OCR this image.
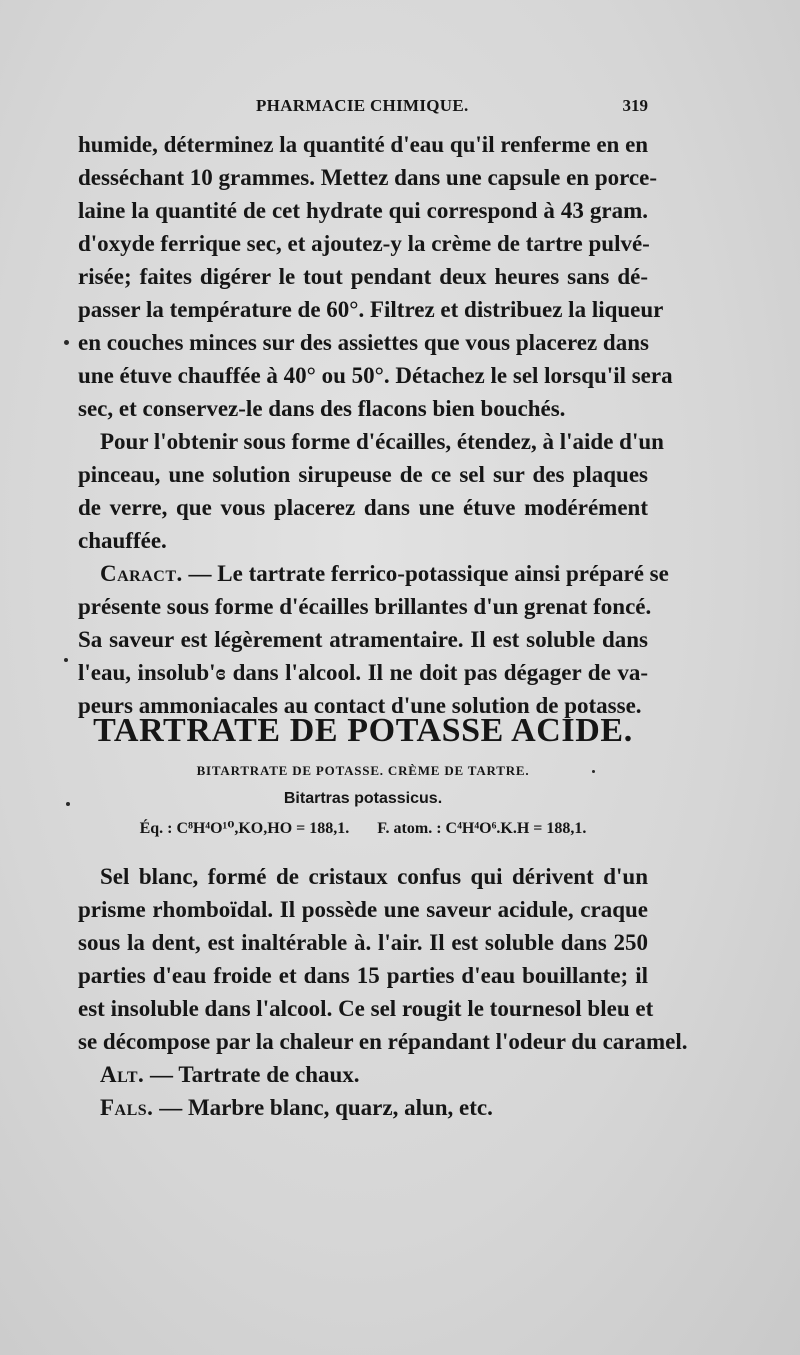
PHARMACIE CHIMIQUE.	319

humide, déterminez la quantité d'eau qu'il renferme en en
desséchant 10 grammes. Mettez dans une capsule en porce-
laine la quantité de cet hydrate qui correspond à 43 gram.
d'oxyde ferrique sec, et ajoutez-y la crème de tartre pulvé-
risée; faites digérer le tout pendant deux heures sans dé-
passer la température de 60°. Filtrez et distribuez la liqueur
en couches minces sur des assiettes que vous placerez dans
une étuve chauffée à 40° ou 50°. Détachez le sel lorsqu'il sera
sec, et conservez-le dans des flacons bien bouchés.

Pour l'obtenir sous forme d'écailles, étendez, à l'aide d'un
pinceau, une solution sirupeuse de ce sel sur des plaques
de verre, que vous placerez dans une étuve modérément
chauffée.

Caract. — Le tartrate ferrico-potassique ainsi préparé se
présente sous forme d'écailles brillantes d'un grenat foncé.
Sa saveur est légèrement atramentaire. Il est soluble dans
l'eau, insolub'ɞ dans l'alcool. Il ne doit pas dégager de va-
peurs ammoniacales au contact d'une solution de potasse.

TARTRATE DE POTASSE ACIDE.
BITARTRATE DE POTASSE. CRÈME DE TARTRE.
Bitartras potassicus.
Éq. : C⁸H⁴O¹⁰,KO,HO = 188,1. F. atom. : C⁴H⁴O⁶.K.H = 188,1.

Sel blanc, formé de cristaux confus qui dérivent d'un
prisme rhomboïdal. Il possède une saveur acidule, craque
sous la dent, est inaltérable à. l'air. Il est soluble dans 250
parties d'eau froide et dans 15 parties d'eau bouillante; il
est insoluble dans l'alcool. Ce sel rougit le tournesol bleu et
se décompose par la chaleur en répandant l'odeur du caramel.

Alt. — Tartrate de chaux.

Fals. — Marbre blanc, quarz, alun, etc.
